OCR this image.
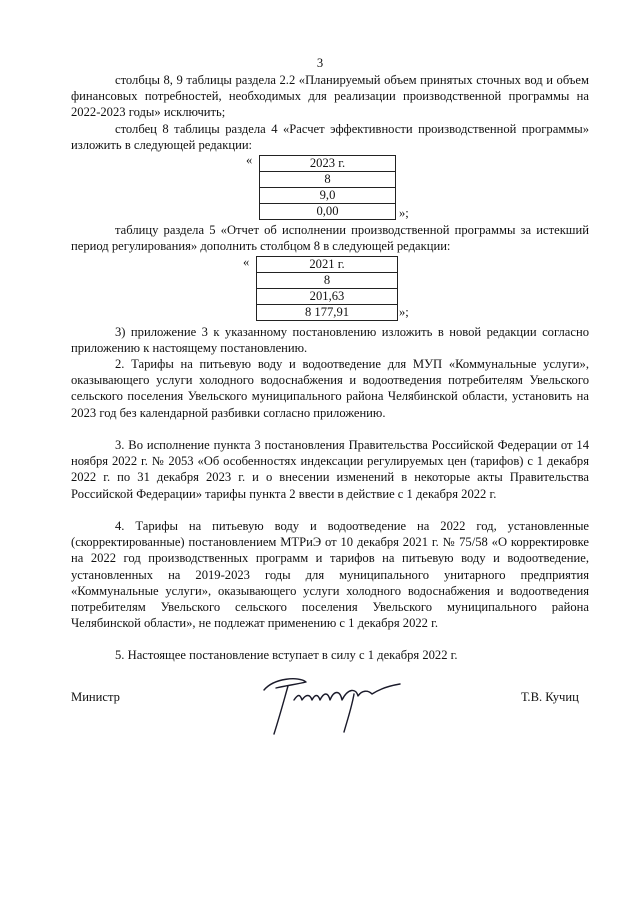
3

столбцы 8, 9 таблицы раздела 2.2 «Планируемый объем принятых сточных вод и объем финансовых потребностей, необходимых для реализации производственной программы на 2022-2023 годы» исключить;

столбец 8 таблицы раздела 4 «Расчет эффективности производственной программы» изложить в следующей редакции:

«	2023 г.
8
9,0
0,00	»;

таблицу раздела 5 «Отчет об исполнении производственной программы за истекший период регулирования» дополнить столбцом 8 в следующей редакции:

«	2021 г.
8
201,63
8 177,91	»;

3) приложение 3 к указанному постановлению изложить в новой редакции согласно приложению к настоящему постановлению.

2. Тарифы на питьевую воду и водоотведение для МУП «Коммунальные услуги», оказывающего услуги холодного водоснабжения и водоотведения потребителям Увельского сельского поселения Увельского муниципального района Челябинской области, установить на 2023 год без календарной разбивки согласно приложению.

3. Во исполнение пункта 3 постановления Правительства Российской Федерации от 14 ноября 2022 г. № 2053 «Об особенностях индексации регулируемых цен (тарифов) с 1 декабря 2022 г. по 31 декабря 2023 г. и о внесении изменений в некоторые акты Правительства Российской Федерации» тарифы пункта 2 ввести в действие с 1 декабря 2022 г.

4. Тарифы на питьевую воду и водоотведение на 2022 год, установленные (скорректированные) постановлением МТРиЭ от 10 декабря 2021 г. № 75/58 «О корректировке на 2022 год производственных программ и тарифов на питьевую воду и водоотведение, установленных на 2019-2023 годы для муниципального унитарного предприятия «Коммунальные услуги», оказывающего услуги холодного водоснабжения и водоотведения потребителям Увельского сельского поселения Увельского муниципального района Челябинской области», не подлежат применению с 1 декабря 2022 г.

5. Настоящее постановление вступает в силу с 1 декабря 2022 г.

Министр	Т.В. Кучиц
